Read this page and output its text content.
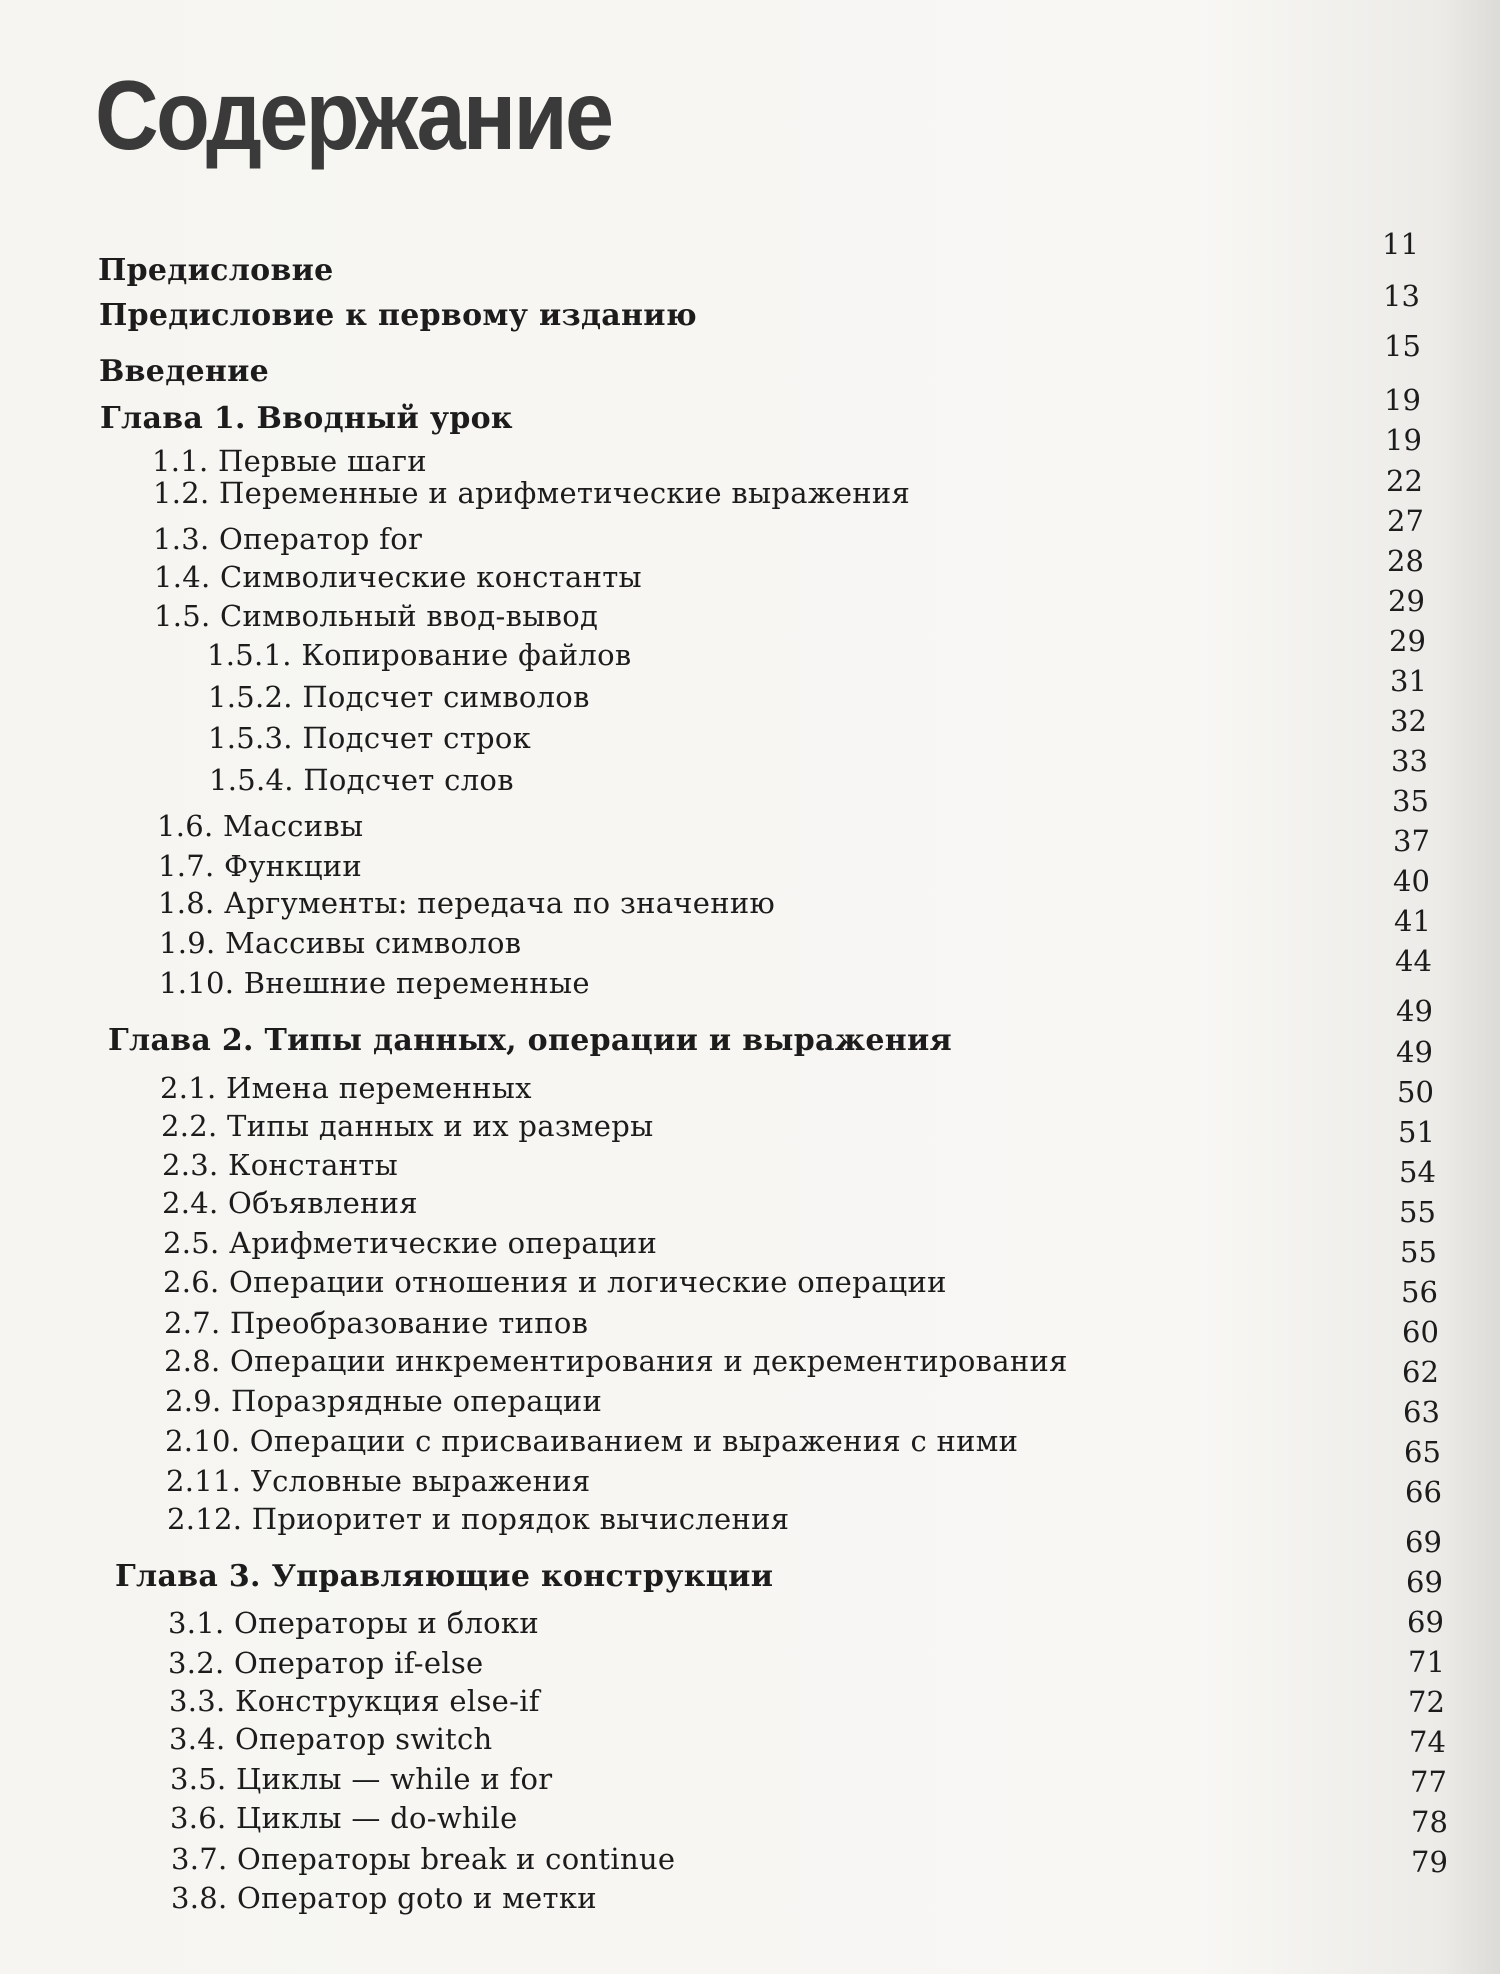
Содержание
Предисловие
Предисловие к первому изданию
Введение
Глава 1. Вводный урок
1.1. Первые шаги
1.2. Переменные и арифметические выражения
1.3. Оператор for
1.4. Символические константы
1.5. Символьный ввод-вывод
1.5.1. Копирование файлов
1.5.2. Подсчет символов
1.5.3. Подсчет строк
1.5.4. Подсчет слов
1.6. Массивы
1.7. Функции
1.8. Аргументы: передача по значению
1.9. Массивы символов
1.10. Внешние переменные
Глава 2. Типы данных, операции и выражения
2.1. Имена переменных
2.2. Типы данных и их размеры
2.3. Константы
2.4. Объявления
2.5. Арифметические операции
2.6. Операции отношения и логические операции
2.7. Преобразование типов
2.8. Операции инкрементирования и декрементирования
2.9. Поразрядные операции
2.10. Операции с присваиванием и выражения с ними
2.11. Условные выражения
2.12. Приоритет и порядок вычисления
Глава 3. Управляющие конструкции
3.1. Операторы и блоки
3.2. Оператор if-else
3.3. Конструкция else-if
3.4. Оператор switch
3.5. Циклы — while и for
3.6. Циклы — do-while
3.7. Операторы break и continue
3.8. Оператор goto и метки
11
13
15
19
19
22
27
28
29
29
31
32
33
35
37
40
41
44
49
49
50
51
54
55
55
56
60
62
63
65
66
69
69
69
71
72
74
77
78
79
